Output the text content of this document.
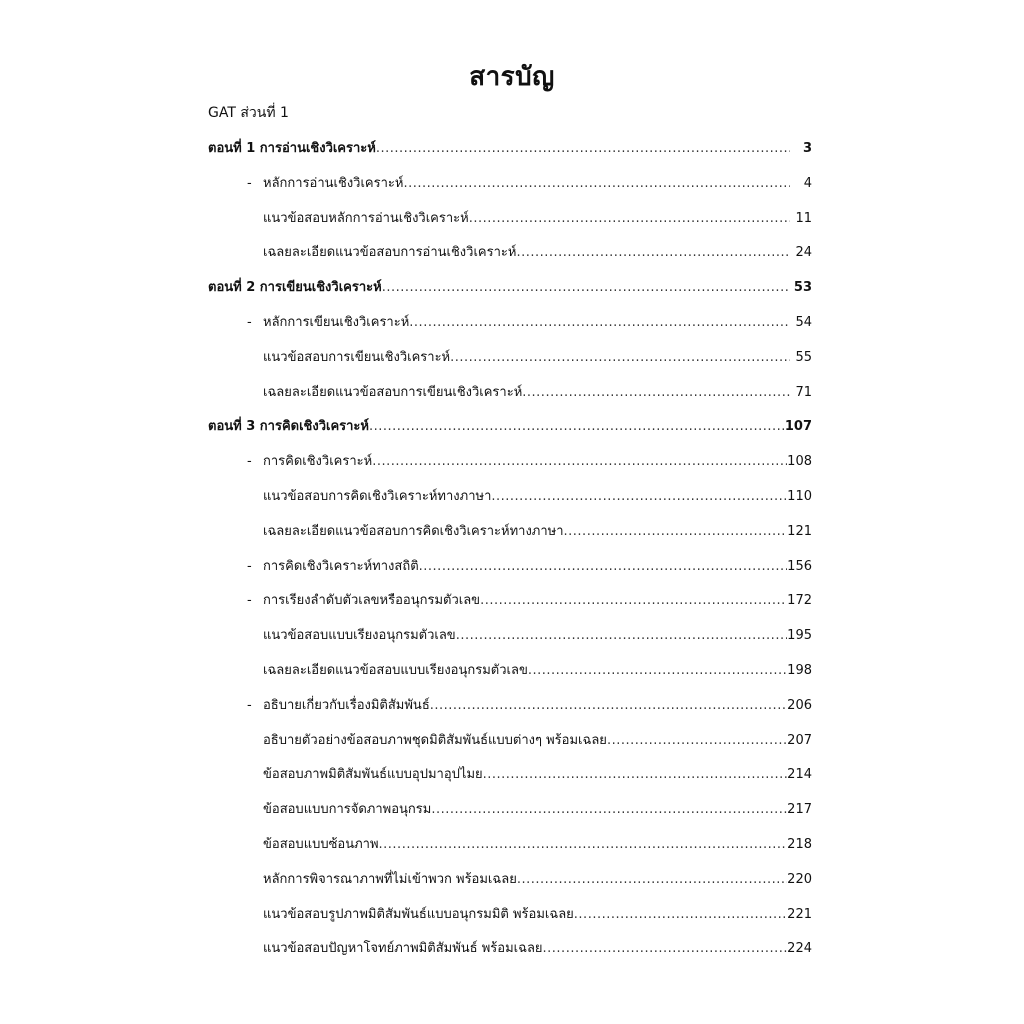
สารบัญ
GAT ส่วนที่ 1
ตอนที่ 1 การอ่านเชิงวิเคราะห์ .....	3
- หลักการอ่านเชิงวิเคราะห์ .....	4
แนวข้อสอบหลักการอ่านเชิงวิเคราะห์ .....	11
เฉลยละเอียดแนวข้อสอบการอ่านเชิงวิเคราะห์ .....	24
ตอนที่ 2 การเขียนเชิงวิเคราะห์ .....	53
- หลักการเขียนเชิงวิเคราะห์ .....	54
แนวข้อสอบการเขียนเชิงวิเคราะห์ .....	55
เฉลยละเอียดแนวข้อสอบการเขียนเชิงวิเคราะห์ .....	71
ตอนที่ 3 การคิดเชิงวิเคราะห์ .....	107
- การคิดเชิงวิเคราะห์ .....	108
แนวข้อสอบการคิดเชิงวิเคราะห์ทางภาษา .....	110
เฉลยละเอียดแนวข้อสอบการคิดเชิงวิเคราะห์ทางภาษา .....	121
- การคิดเชิงวิเคราะห์ทางสถิติ .....	156
- การเรียงลำดับตัวเลขหรืออนุกรมตัวเลข .....	172
แนวข้อสอบแบบเรียงอนุกรมตัวเลข .....	195
เฉลยละเอียดแนวข้อสอบแบบเรียงอนุกรมตัวเลข .....	198
- อธิบายเกี่ยวกับเรื่องมิติสัมพันธ์ .....	206
อธิบายตัวอย่างข้อสอบภาพชุดมิติสัมพันธ์แบบต่างๆ พร้อมเฉลย .....	207
ข้อสอบภาพมิติสัมพันธ์แบบอุปมาอุปไมย .....	214
ข้อสอบแบบการจัดภาพอนุกรม .....	217
ข้อสอบแบบซ้อนภาพ .....	218
หลักการพิจารณาภาพที่ไม่เข้าพวก พร้อมเฉลย .....	220
แนวข้อสอบรูปภาพมิติสัมพันธ์แบบอนุกรมมิติ พร้อมเฉลย .....	221
แนวข้อสอบปัญหาโจทย์ภาพมิติสัมพันธ์ พร้อมเฉลย .....	224
